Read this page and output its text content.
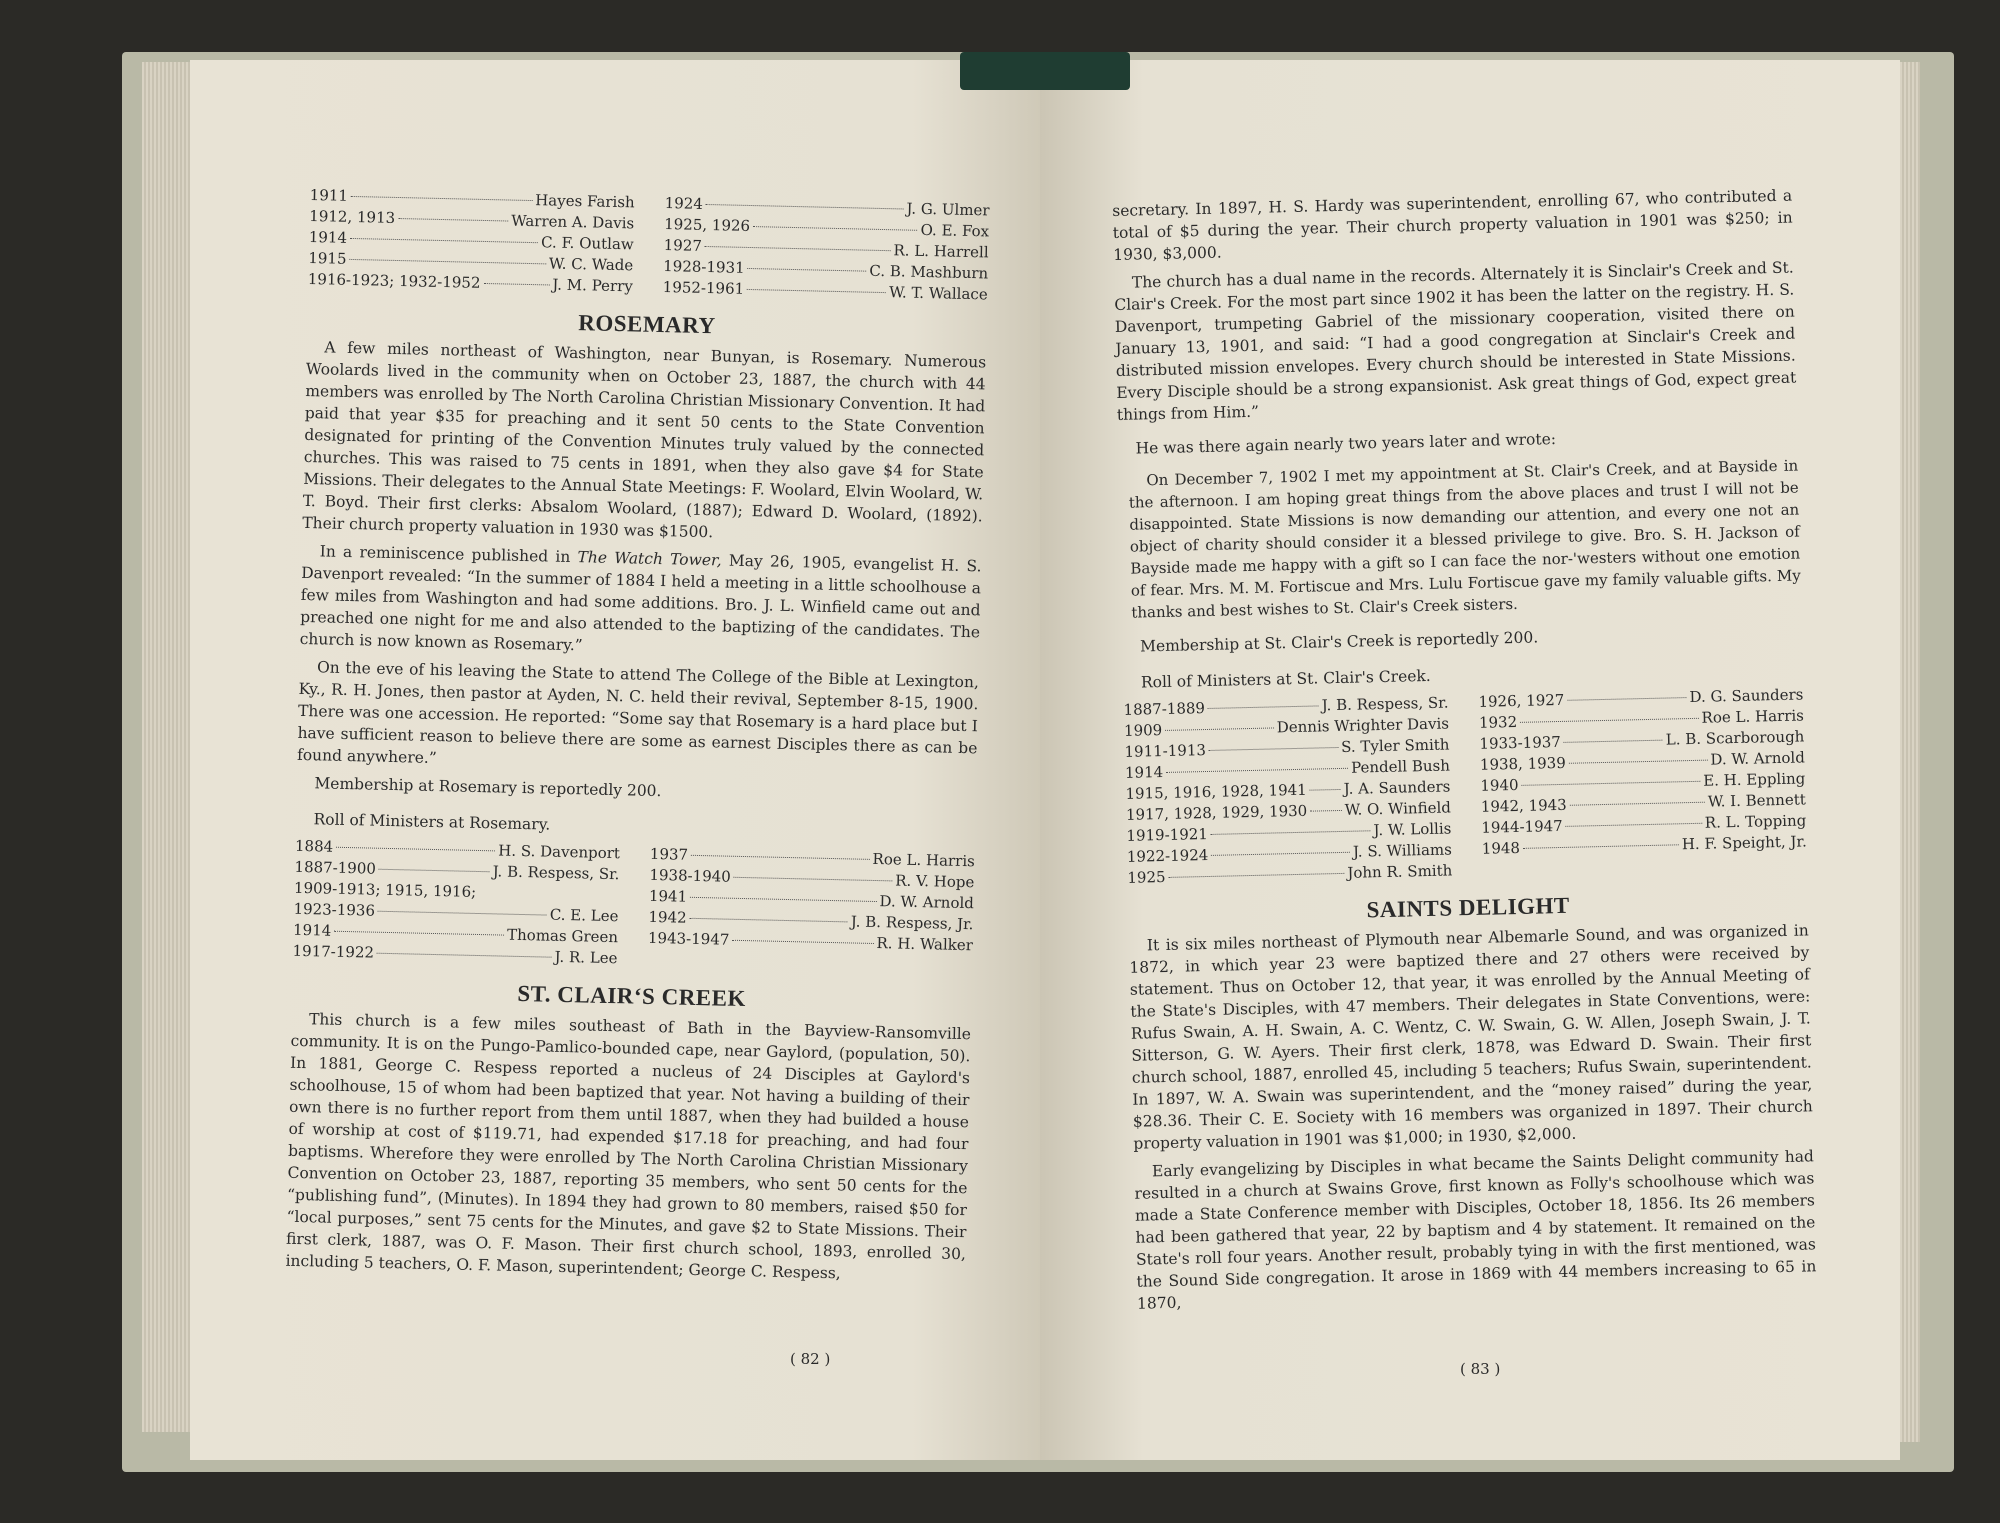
1911	Hayes Farish
1912, 1913	Warren A. Davis
1914	C. F. Outlaw
1915	W. C. Wade
1916-1923; 1932-1952	J. M. Perry
1924	J. G. Ulmer
1925, 1926	O. E. Fox
1927	R. L. Harrell
1928-1931	C. B. Mashburn
1952-1961	W. T. Wallace
ROSEMARY

A few miles northeast of Washington, near Bunyan, is Rosemary. Numerous Woolards lived in the community when on October 23, 1887, the church with 44 members was enrolled by The North Carolina Christian Missionary Convention. It had paid that year $35 for preaching and it sent 50 cents to the State Convention designated for printing of the Convention Minutes truly valued by the connected churches. This was raised to 75 cents in 1891, when they also gave $4 for State Missions. Their delegates to the Annual State Meetings: F. Woolard, Elvin Woolard, W. T. Boyd. Their first clerks: Absalom Woolard, (1887); Edward D. Woolard, (1892). Their church property valuation in 1930 was $1500.

In a reminiscence published in The Watch Tower, May 26, 1905, evangelist H. S. Davenport revealed: “In the summer of 1884 I held a meeting in a little schoolhouse a few miles from Washington and had some additions. Bro. J. L. Winfield came out and preached one night for me and also attended to the baptizing of the candidates. The church is now known as Rosemary.”

On the eve of his leaving the State to attend The College of the Bible at Lexington, Ky., R. H. Jones, then pastor at Ayden, N. C. held their revival, September 8-15, 1900. There was one accession. He reported: “Some say that Rosemary is a hard place but I have sufficient reason to believe there are some as earnest Disciples there as can be found anywhere.”

Membership at Rosemary is reportedly 200.

Roll of Ministers at Rosemary.
1884	H. S. Davenport
1887-1900	J. B. Respess, Sr.
1909-1913; 1915, 1916;
1923-1936	C. E. Lee
1914	Thomas Green
1917-1922	J. R. Lee
1937	Roe L. Harris
1938-1940	R. V. Hope
1941	D. W. Arnold
1942	J. B. Respess, Jr.
1943-1947	R. H. Walker
ST. CLAIR‘S CREEK

This church is a few miles southeast of Bath in the Bayview-Ransomville community. It is on the Pungo-Pamlico-bounded cape, near Gaylord, (population, 50). In 1881, George C. Respess reported a nucleus of 24 Disciples at Gaylord's schoolhouse, 15 of whom had been baptized that year. Not having a building of their own there is no further report from them until 1887, when they had builded a house of worship at cost of $119.71, had expended $17.18 for preaching, and had four baptisms. Wherefore they were enrolled by The North Carolina Christian Missionary Convention on October 23, 1887, reporting 35 members, who sent 50 cents for the “publishing fund”, (Minutes). In 1894 they had grown to 80 members, raised $50 for “local purposes,” sent 75 cents for the Minutes, and gave $2 to State Missions. Their first clerk, 1887, was O. F. Mason. Their first church school, 1893, enrolled 30, including 5 teachers, O. F. Mason, superintendent; George C. Respess,

( 82 )

secretary. In 1897, H. S. Hardy was superintendent, enrolling 67, who contributed a total of $5 during the year. Their church property valuation in 1901 was $250; in 1930, $3,000.

The church has a dual name in the records. Alternately it is Sinclair's Creek and St. Clair's Creek. For the most part since 1902 it has been the latter on the registry. H. S. Davenport, trumpeting Gabriel of the missionary cooperation, visited there on January 13, 1901, and said: “I had a good congregation at Sinclair's Creek and distributed mission envelopes. Every church should be interested in State Missions. Every Disciple should be a strong expansionist. Ask great things of God, expect great things from Him.”

He was there again nearly two years later and wrote:

On December 7, 1902 I met my appointment at St. Clair's Creek, and at Bayside in the afternoon. I am hoping great things from the above places and trust I will not be disappointed. State Missions is now demanding our attention, and every one not an object of charity should consider it a blessed privilege to give. Bro. S. H. Jackson of Bayside made me happy with a gift so I can face the nor-'westers without one emotion of fear. Mrs. M. M. Fortiscue and Mrs. Lulu Fortiscue gave my family valuable gifts. My thanks and best wishes to St. Clair's Creek sisters.

Membership at St. Clair's Creek is reportedly 200.

Roll of Ministers at St. Clair's Creek.
1887-1889	J. B. Respess, Sr.
1909	Dennis Wrighter Davis
1911-1913	S. Tyler Smith
1914	Pendell Bush
1915, 1916, 1928, 1941 J. A. Saunders
1917, 1928, 1929, 1930 W. O. Winfield
1919-1921	J. W. Lollis
1922-1924	J. S. Williams
1925	John R. Smith
1926, 1927	D. G. Saunders
1932	Roe L. Harris
1933-1937	L. B. Scarborough
1938, 1939	D. W. Arnold
1940	E. H. Eppling
1942, 1943	W. I. Bennett
1944-1947	R. L. Topping
1948	H. F. Speight, Jr.
SAINTS DELIGHT

It is six miles northeast of Plymouth near Albemarle Sound, and was organized in 1872, in which year 23 were baptized there and 27 others were received by statement. Thus on October 12, that year, it was enrolled by the Annual Meeting of the State's Disciples, with 47 members. Their delegates in State Conventions, were: Rufus Swain, A. H. Swain, A. C. Wentz, C. W. Swain, G. W. Allen, Joseph Swain, J. T. Sitterson, G. W. Ayers. Their first clerk, 1878, was Edward D. Swain. Their first church school, 1887, enrolled 45, including 5 teachers; Rufus Swain, superintendent. In 1897, W. A. Swain was superintendent, and the “money raised” during the year, $28.36. Their C. E. Society with 16 members was organized in 1897. Their church property valuation in 1901 was $1,000; in 1930, $2,000.

Early evangelizing by Disciples in what became the Saints Delight community had resulted in a church at Swains Grove, first known as Folly's schoolhouse which was made a State Conference member with Disciples, October 18, 1856. Its 26 members had been gathered that year, 22 by baptism and 4 by statement. It remained on the State's roll four years. Another result, probably tying in with the first mentioned, was the Sound Side congregation. It arose in 1869 with 44 members increasing to 65 in 1870,

( 83 )
